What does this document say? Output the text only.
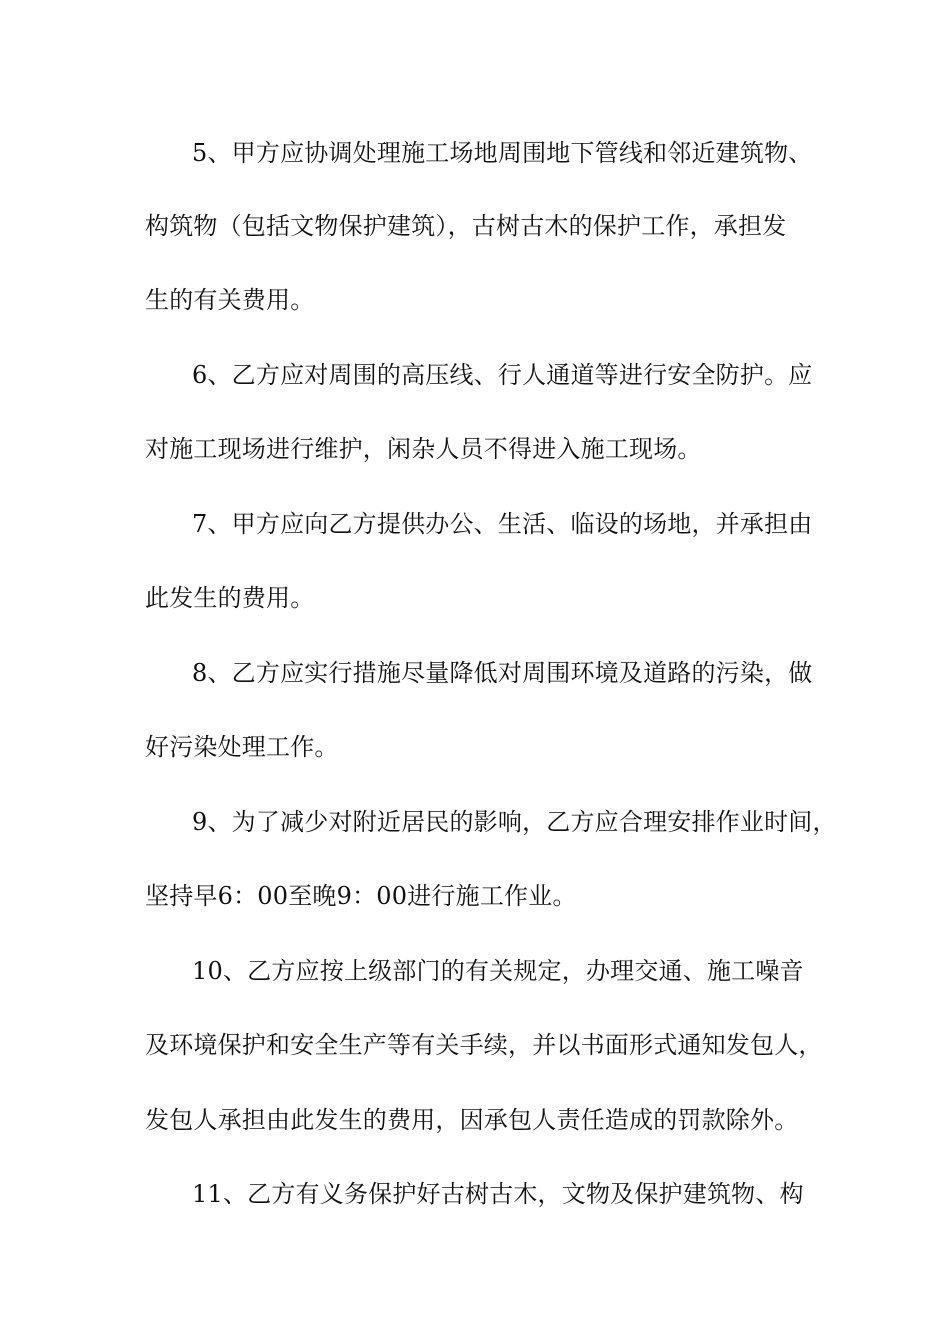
5、甲方应协调处理施工场地周围地下管线和邻近建筑物、
构筑物（包括文物保护建筑），古树古木的保护工作，承担发
生的有关费用。
6、乙方应对周围的高压线、行人通道等进行安全防护。应
对施工现场进行维护，闲杂人员不得进入施工现场。
7、甲方应向乙方提供办公、生活、临设的场地，并承担由
此发生的费用。
8、乙方应实行措施尽量降低对周围环境及道路的污染，做
好污染处理工作。
9、为了减少对附近居民的影响，乙方应合理安排作业时间，
坚持早6：00至晚9：00进行施工作业。
10、乙方应按上级部门的有关规定，办理交通、施工噪音
及环境保护和安全生产等有关手续，并以书面形式通知发包人，
发包人承担由此发生的费用，因承包人责任造成的罚款除外。
11、乙方有义务保护好古树古木，文物及保护建筑物、构
